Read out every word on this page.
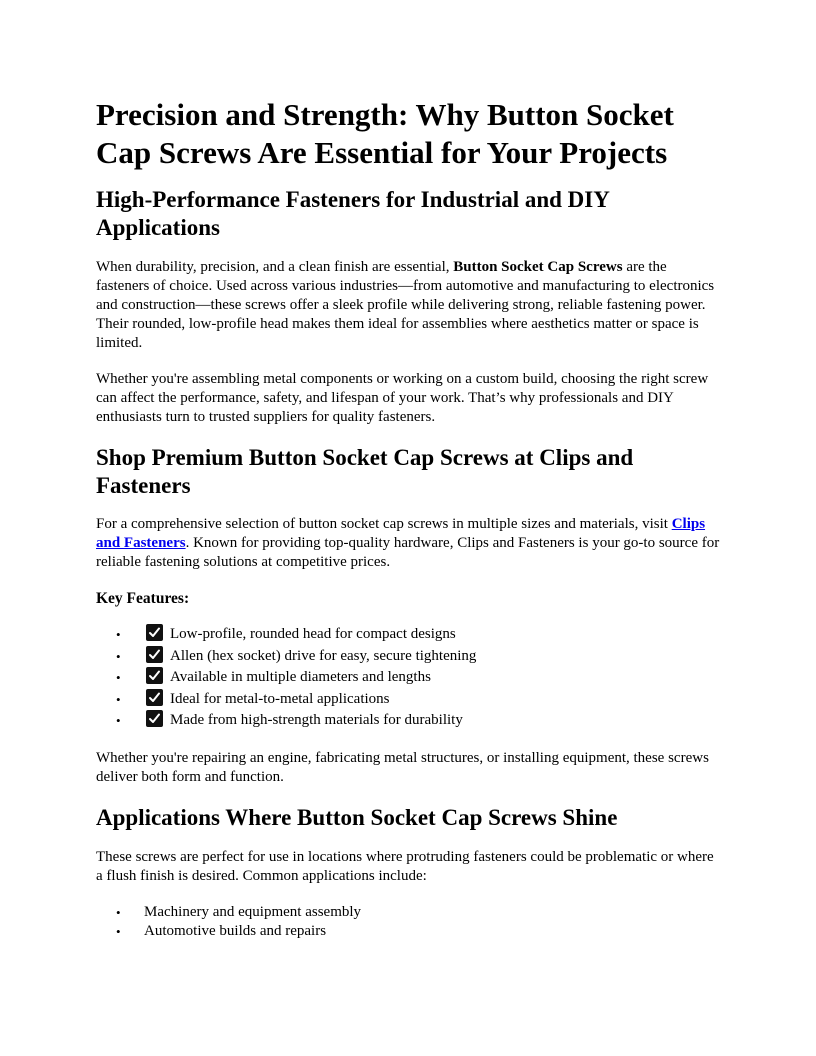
Precision and Strength: Why Button Socket Cap Screws Are Essential for Your Projects
High-Performance Fasteners for Industrial and DIY Applications

When durability, precision, and a clean finish are essential, Button Socket Cap Screws are the fasteners of choice. Used across various industries—from automotive and manufacturing to electronics and construction—these screws offer a sleek profile while delivering strong, reliable fastening power. Their rounded, low-profile head makes them ideal for assemblies where aesthetics matter or space is limited.

Whether you're assembling metal components or working on a custom build, choosing the right screw can affect the performance, safety, and lifespan of your work. That’s why professionals and DIY enthusiasts turn to trusted suppliers for quality fasteners.

Shop Premium Button Socket Cap Screws at Clips and Fasteners

For a comprehensive selection of button socket cap screws in multiple sizes and materials, visit Clips and Fasteners. Known for providing top-quality hardware, Clips and Fasteners is your go-to source for reliable fastening solutions at competitive prices.

Key Features:
•	Low-profile, rounded head for compact designs
•	Allen (hex socket) drive for easy, secure tightening
•	Available in multiple diameters and lengths
•	Ideal for metal-to-metal applications
•	Made from high-strength materials for durability

Whether you're repairing an engine, fabricating metal structures, or installing equipment, these screws deliver both form and function.

Applications Where Button Socket Cap Screws Shine

These screws are perfect for use in locations where protruding fasteners could be problematic or where a flush finish is desired. Common applications include:

• Machinery and equipment assembly
• Automotive builds and repairs
